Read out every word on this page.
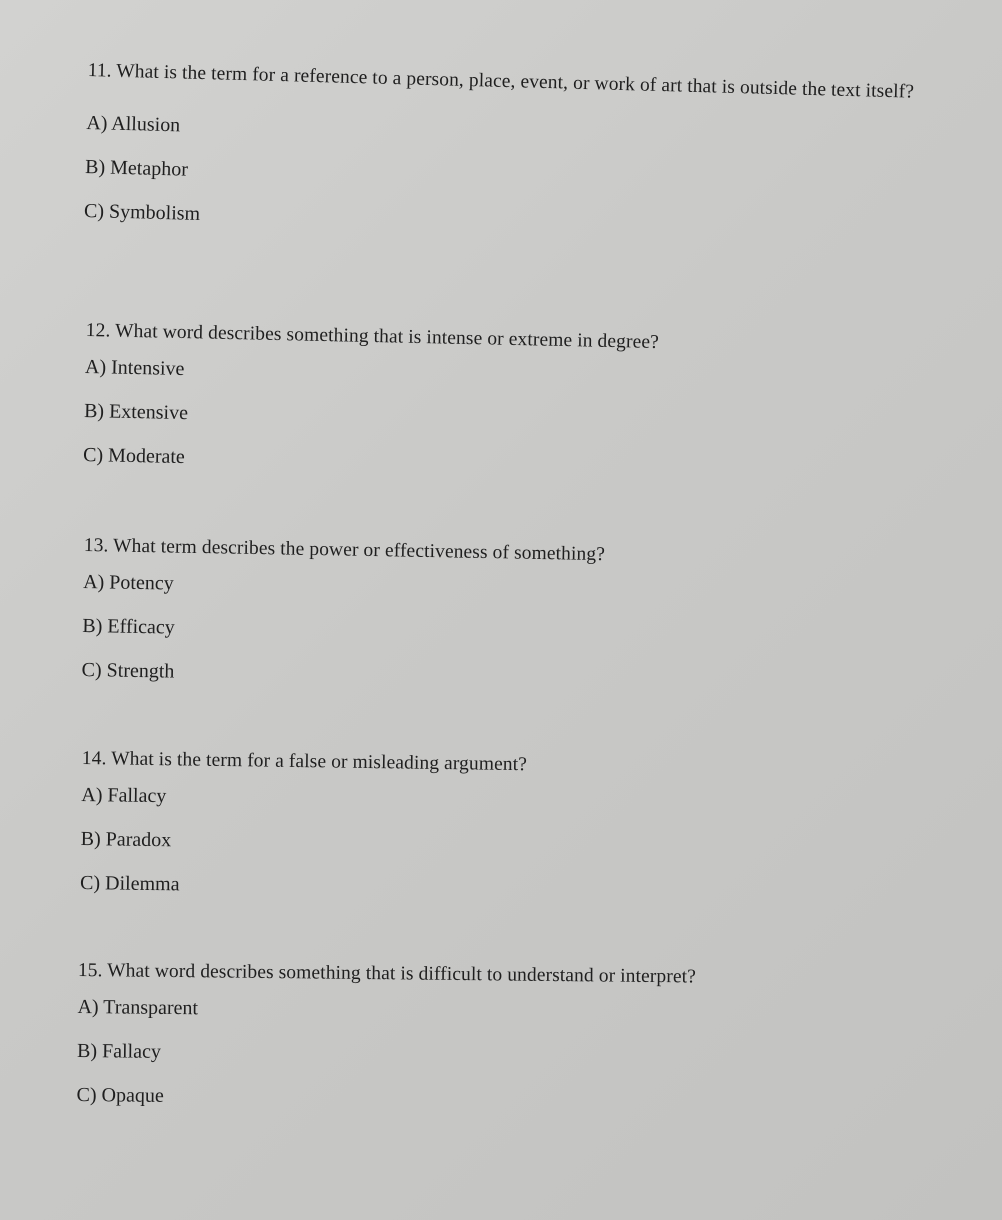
11. What is the term for a reference to a person, place, event, or work of art that is outside the text itself?
A) Allusion
B) Metaphor
C) Symbolism
12. What word describes something that is intense or extreme in degree?
A) Intensive
B) Extensive
C) Moderate
13. What term describes the power or effectiveness of something?
A) Potency
B) Efficacy
C) Strength
14. What is the term for a false or misleading argument?
A) Fallacy
B) Paradox
C) Dilemma
15. What word describes something that is difficult to understand or interpret?
A) Transparent
B) Fallacy
C) Opaque
